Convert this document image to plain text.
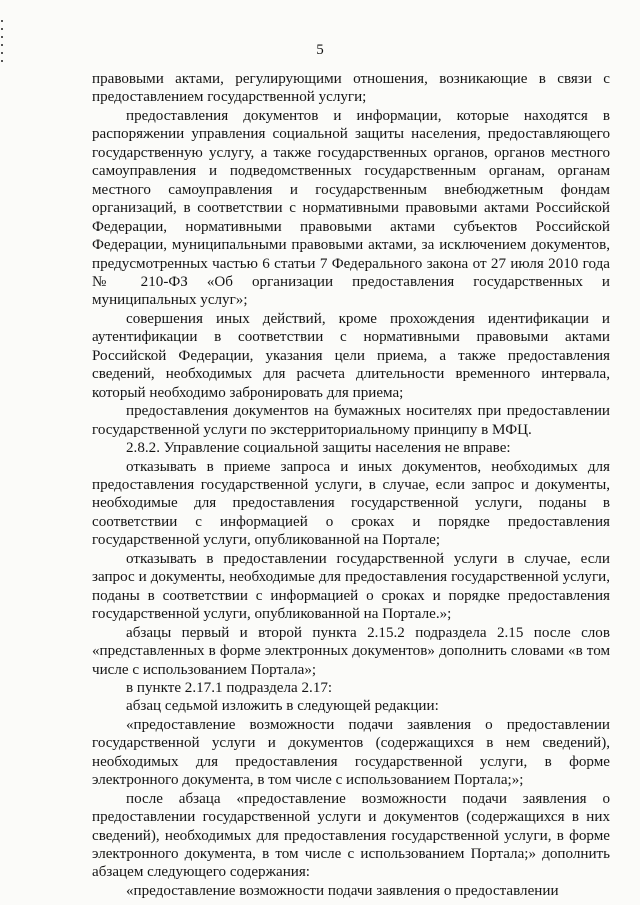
5

правовыми актами, регулирующими отношения, возникающие в связи с предоставлением государственной услуги;

предоставления документов и информации, которые находятся в распоряжении управления социальной защиты населения, предоставляющего государственную услугу, а также государственных органов, органов местного самоуправления и подведомственных государственным органам, органам местного самоуправления и государственным внебюджетным фондам организаций, в соответствии с нормативными правовыми актами Российской Федерации, нормативными правовыми актами субъектов Российской Федерации, муниципальными правовыми актами, за исключением документов, предусмотренных частью 6 статьи 7 Федерального закона от 27 июля 2010 года № 210-ФЗ «Об организации предоставления государственных и муниципальных услуг»;

совершения иных действий, кроме прохождения идентификации и аутентификации в соответствии с нормативными правовыми актами Российской Федерации, указания цели приема, а также предоставления сведений, необходимых для расчета длительности временного интервала, который необходимо забронировать для приема;

предоставления документов на бумажных носителях при предоставлении государственной услуги по экстерриториальному принципу в МФЦ.

2.8.2. Управление социальной защиты населения не вправе:

отказывать в приеме запроса и иных документов, необходимых для предоставления государственной услуги, в случае, если запрос и документы, необходимые для предоставления государственной услуги, поданы в соответствии с информацией о сроках и порядке предоставления государственной услуги, опубликованной на Портале;

отказывать в предоставлении государственной услуги в случае, если запрос и документы, необходимые для предоставления государственной услуги, поданы в соответствии с информацией о сроках и порядке предоставления государственной услуги, опубликованной на Портале.»;

абзацы первый и второй пункта 2.15.2 подраздела 2.15 после слов «представленных в форме электронных документов» дополнить словами «в том числе с использованием Портала»;

в пункте 2.17.1 подраздела 2.17:

абзац седьмой изложить в следующей редакции:

«предоставление возможности подачи заявления о предоставлении государственной услуги и документов (содержащихся в нем сведений), необходимых для предоставления государственной услуги, в форме электронного документа, в том числе с использованием Портала;»;

после абзаца «предоставление возможности подачи заявления о предоставлении государственной услуги и документов (содержащихся в них сведений), необходимых для предоставления государственной услуги, в форме электронного документа, в том числе с использованием Портала;» дополнить абзацем следующего содержания:

«предоставление возможности подачи заявления о предоставлении
